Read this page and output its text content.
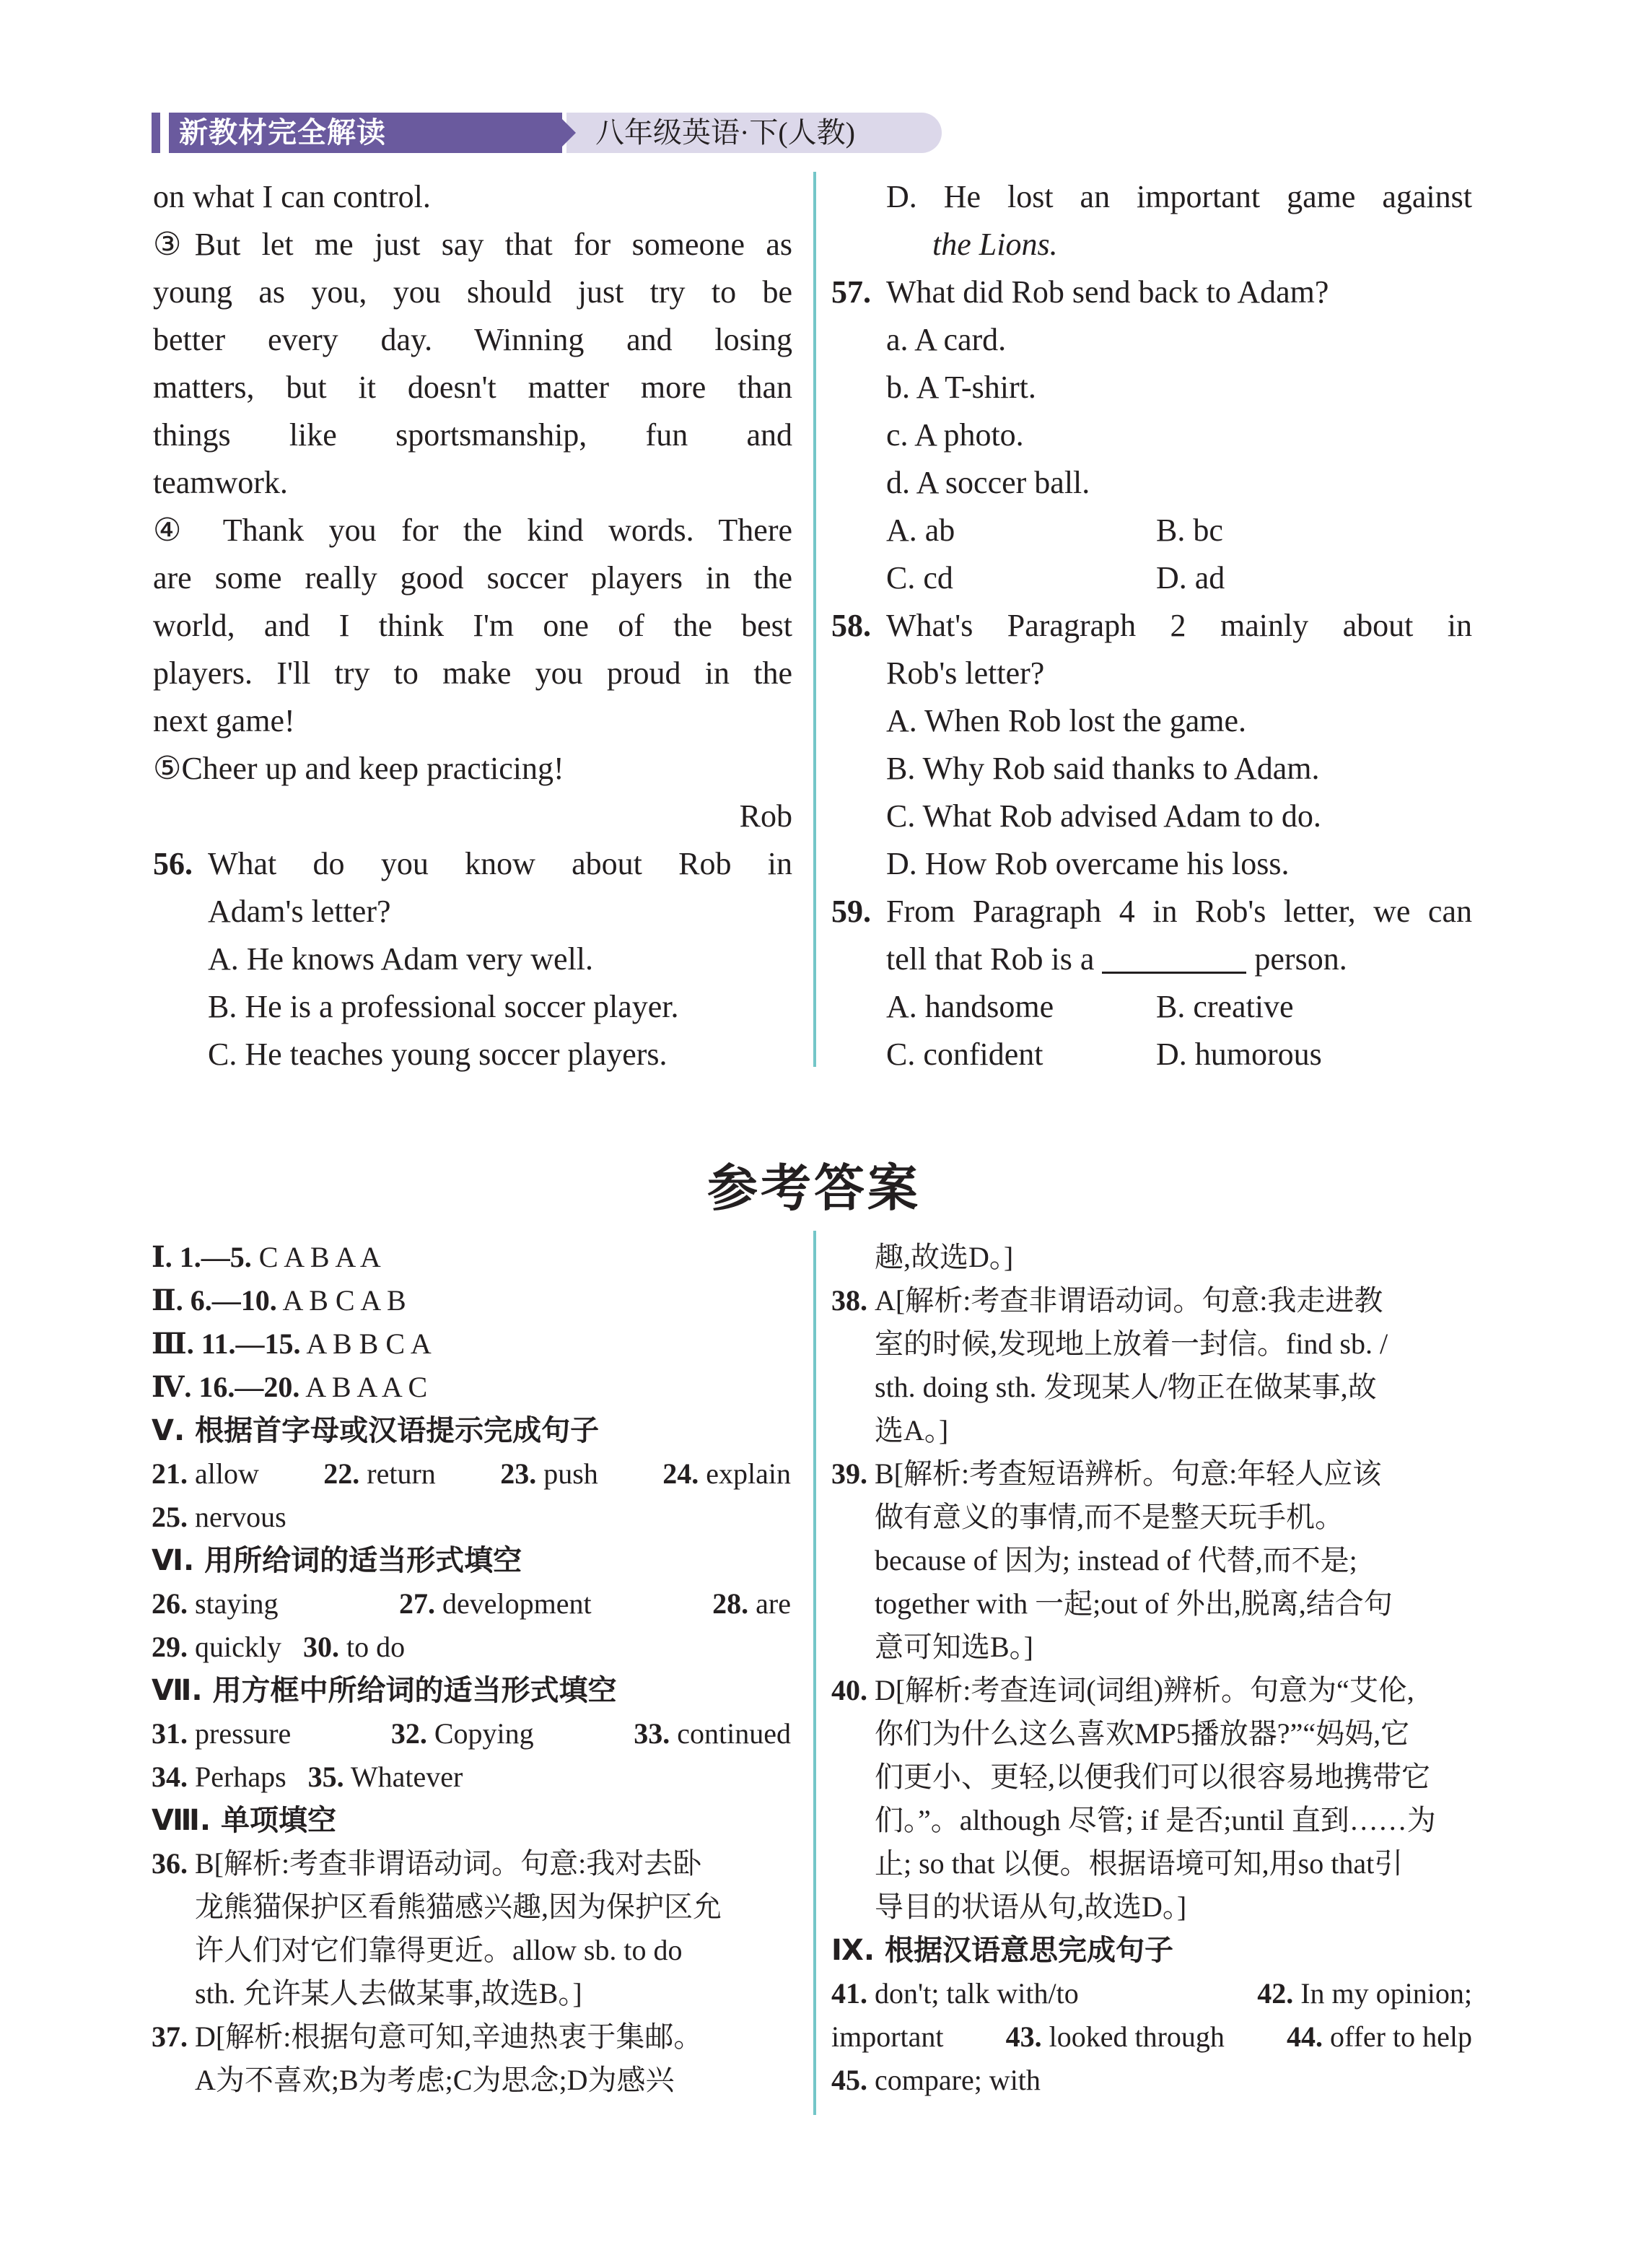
新教材完全解读	八年级英语·下(人教)
on what I can control.
③But let me just say that for someone as
young as you, you should just try to be
better every day. Winning and losing
matters, but it doesn't matter more than
things like sportsmanship, fun and
teamwork.
④ Thank you for the kind words. There
are some really good soccer players in the
world, and I think I'm one of the best
players. I'll try to make you proud in the
next game!
⑤Cheer up and keep practicing!
Rob
56. What do you know about Rob in
Adam's letter?
A. He knows Adam very well.
B. He is a professional soccer player.
C. He teaches young soccer players.
D. He lost an important game against
the Lions.
57. What did Rob send back to Adam?
a. A card.
b. A T-shirt.
c. A photo.
d. A soccer ball.
A. ab	B. bc
C. cd	D. ad
58. What's Paragraph 2 mainly about in
Rob's letter?
A. When Rob lost the game.
B. Why Rob said thanks to Adam.
C. What Rob advised Adam to do.
D. How Rob overcame his loss.
59. From Paragraph 4 in Rob's letter, we can
tell that Rob is a	person.
A. handsome	B. creative
C. confident	D. humorous
参考答案
Ⅰ. 1.—5. C A B A A
Ⅱ. 6.—10. A B C A B
Ⅲ. 11.—15. A B B C A
Ⅳ. 16.—20. A B A A C
Ⅴ. 根据首字母或汉语提示完成句子
21. allow 22. return 23. push 24. explain
25. nervous
Ⅵ. 用所给词的适当形式填空
26. staying	27. development	28. are
29. quickly 30. to do
Ⅶ. 用方框中所给词的适当形式填空
31. pressure	32. Copying	33. continued
34. Perhaps 35. Whatever
Ⅷ. 单项填空
36. B[解析:考查非谓语动词。句意:我对去卧
龙熊猫保护区看熊猫感兴趣,因为保护区允
许人们对它们靠得更近。allow sb. to do
sth. 允许某人去做某事,故选B。]
37. D[解析:根据句意可知,辛迪热衷于集邮。
A为不喜欢;B为考虑;C为思念;D为感兴
趣,故选D。]
38. A[解析:考查非谓语动词。句意:我走进教
室的时候,发现地上放着一封信。find sb. /
sth. doing sth. 发现某人/物正在做某事,故
选A。]
39. B[解析:考查短语辨析。句意:年轻人应该
做有意义的事情,而不是整天玩手机。
because of 因为; instead of 代替,而不是;
together with 一起;out of 外出,脱离,结合句
意可知选B。]
40. D[解析:考查连词(词组)辨析。句意为“艾伦,
你们为什么这么喜欢MP5播放器?”“妈妈,它
们更小、更轻,以便我们可以很容易地携带它
们。”。although 尽管; if 是否;until 直到……为
止; so that 以便。根据语境可知,用so that引
导目的状语从句,故选D。]
Ⅸ. 根据汉语意思完成句子
41. don't; talk with/to	42. In my opinion;
important 43. looked through 44. offer to help
45. compare; with
